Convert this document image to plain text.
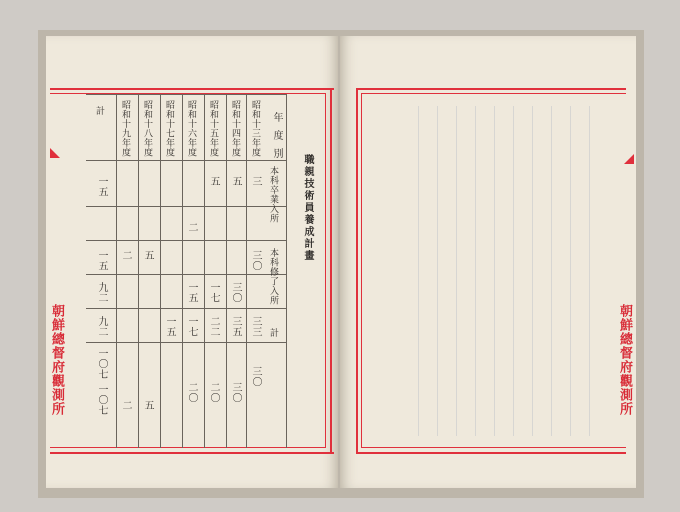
朝鮮總督府觀測所
職親技術員養成計畫
年度別
本科卒業入所
本科修了入所
計
昭和十三年度
昭和十四年度
昭和十五年度
昭和十六年度
昭和十七年度
昭和十八年度
昭和十九年度
計
三
三〇
三三
三〇
五
三〇
三五
三〇
五
一七
二二
二〇
二
一五
一七
二〇
一五
五
五
二
二
一五
一五
九二
九二
一〇七
一〇七	朝鮮總督府觀測所
